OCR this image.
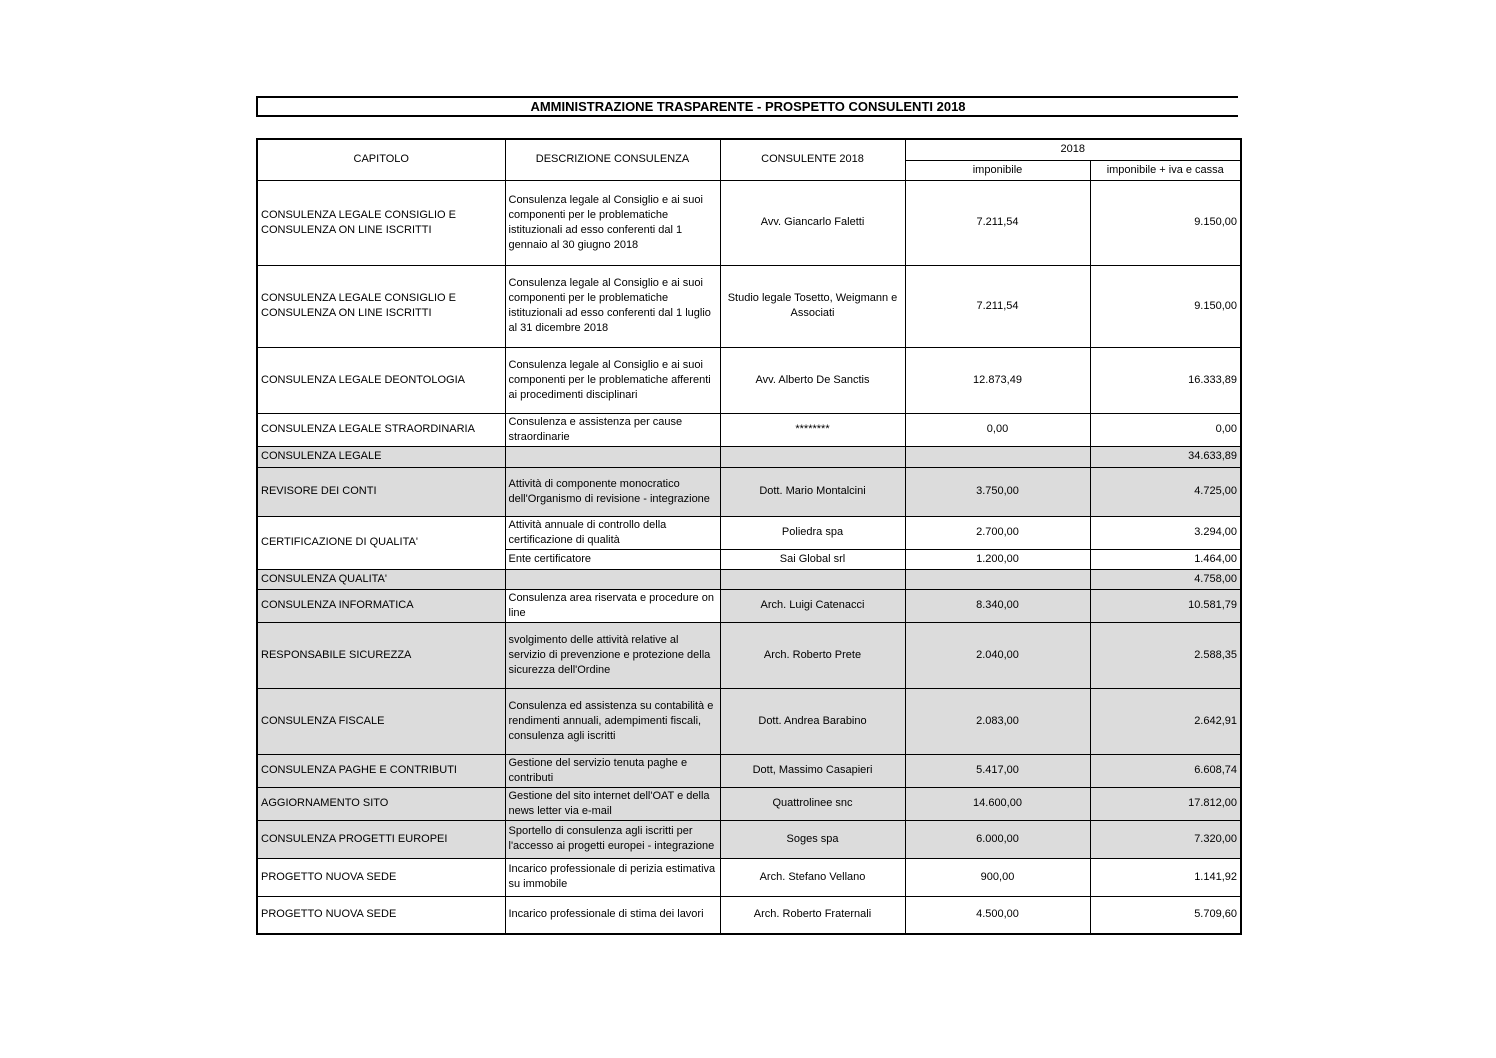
AMMINISTRAZIONE TRASPARENTE - PROSPETTO CONSULENTI 2018
CAPITOLO	DESCRIZIONE CONSULENZA	CONSULENTE 2018	2018	
			imponibile	imponibile + iva e cassa
CONSULENZA LEGALE CONSIGLIO E CONSULENZA ON LINE ISCRITTI	Consulenza legale al Consiglio e ai suoi componenti per le problematiche istituzionali ad esso conferenti dal 1 gennaio al 30 giugno 2018	Avv. Giancarlo Faletti	7.211,54	9.150,00
CONSULENZA LEGALE CONSIGLIO E CONSULENZA ON LINE ISCRITTI	Consulenza legale al Consiglio e ai suoi componenti per le problematiche istituzionali ad esso conferenti dal 1 luglio al 31 dicembre 2018	Studio legale Tosetto, Weigmann e Associati	7.211,54	9.150,00
CONSULENZA LEGALE DEONTOLOGIA	Consulenza legale al Consiglio e ai suoi componenti per le problematiche afferenti ai procedimenti disciplinari	Avv. Alberto De Sanctis	12.873,49	16.333,89
CONSULENZA LEGALE STRAORDINARIA	Consulenza e assistenza per cause straordinarie	********	0,00	0,00
CONSULENZA LEGALE				34.633,89
REVISORE DEI CONTI	Attività di componente monocratico dell'Organismo di revisione - integrazione	Dott. Mario Montalcini	3.750,00	4.725,00
CERTIFICAZIONE DI QUALITA'	Attività annuale di controllo della certificazione di qualità	Poliedra spa	2.700,00	3.294,00
	Ente certificatore	Sai Global srl	1.200,00	1.464,00
CONSULENZA QUALITA'				4.758,00
CONSULENZA INFORMATICA	Consulenza area riservata e procedure on line	Arch. Luigi Catenacci	8.340,00	10.581,79
RESPONSABILE SICUREZZA	svolgimento delle attività relative al servizio di prevenzione e protezione della sicurezza dell'Ordine	Arch. Roberto Prete	2.040,00	2.588,35
CONSULENZA FISCALE	Consulenza ed assistenza su contabilità e rendimenti annuali, adempimenti fiscali, consulenza agli iscritti	Dott. Andrea Barabino	2.083,00	2.642,91
CONSULENZA PAGHE E CONTRIBUTI	Gestione del servizio tenuta paghe e contributi	Dott, Massimo Casapieri	5.417,00	6.608,74
AGGIORNAMENTO SITO	Gestione del sito internet dell'OAT e della news letter via e-mail	Quattrolinee snc	14.600,00	17.812,00
CONSULENZA PROGETTI EUROPEI	Sportello di consulenza agli iscritti per l'accesso ai progetti europei - integrazione	Soges spa	6.000,00	7.320,00
PROGETTO NUOVA SEDE	Incarico professionale di perizia estimativa su immobile	Arch. Stefano Vellano	900,00	1.141,92
PROGETTO NUOVA SEDE	Incarico professionale di stima dei lavori	Arch. Roberto Fraternali	4.500,00	5.709,60
